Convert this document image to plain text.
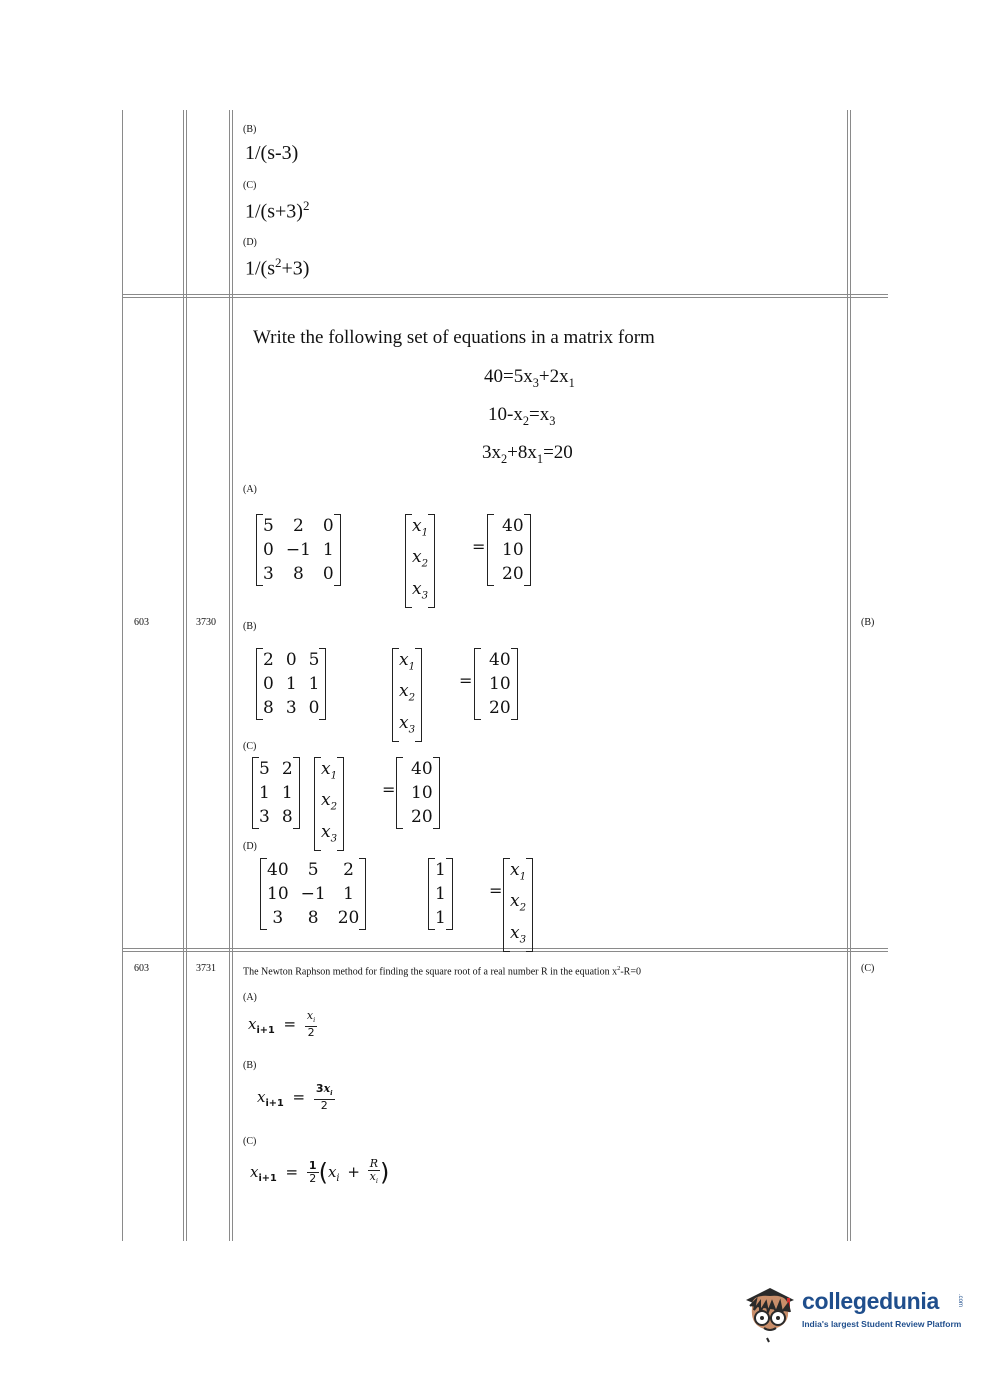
(B)
1/(s-3)
(C)
$1/(s+3)^2$
(D)
$1/(s^2+3)$
603	3730	(B)
Write the following set of equations in a matrix form
$40=5x_3+2x_1$
$10-x_2=x_3$
$3x_2+8x_1=20$
(A)
5	2	0
0	−1	1
3	8	0
$x_1$
$x_2$
$x_3$
=
40
10
20
(B)
2	0	5
0	1	1
8	3	0
$x_1$
$x_2$
$x_3$
=
40
10
20
(C)
5	2
1	1
3	8
$x_1$
$x_2$
$x_3$
=
40
10
20
(D)
40	5	2
10	−1	1
3	8	20
1
1
1
=
$x_1$
$x_2$
$x_3$
603	3731	(C)
The Newton Raphson method for finding the square root of a real number R in the equation $x^2-R=0$
(A)
$x_{i+1} = \frac{x_i}{2}$
(B)
$x_{i+1} = \frac{3x_i}{2}$
(C)
$x_{i+1} = \frac{1}{2} (x_i + \frac{R}{x_i}$ )
collegedunia	.com
India's largest Student Review Platform
